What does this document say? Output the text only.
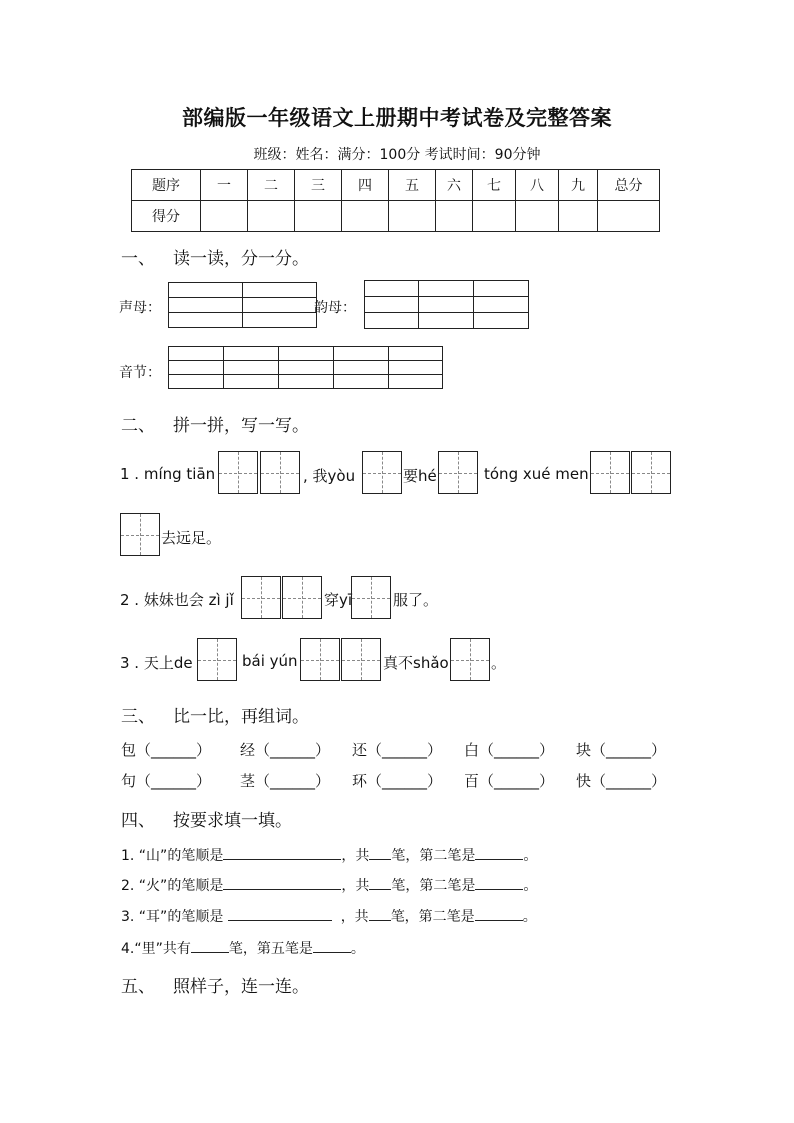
部编版一年级语文上册期中考试卷及完整答案
班级：姓名：满分：100分 考试时间：90分钟
题序	一	二	三	四	五	六	七	八	九	总分
得分										
一、 读一读，分一分。
声母：

		韵母：

音节：

二、 拼一拼，写一写。
1 . míng tiān	, 我yòu	要hé	tóng xué men
去远足。
2 . 妹妹也会 zì jǐ	穿yī	服了。
3 . 天上de	bái yún	真不shǎo	。
三、 比一比，再组词。
包（______） 经（______） 还（______） 白（______） 块（______）
句（______） 茎（______） 环（______） 百（______） 快（______）
四、 按要求填一填。
1. “山”的笔顺是	，共 笔，第二笔是	。
2. “火”的笔顺是	，共 笔，第二笔是	。
3. “耳”的笔顺是	，共 笔，第二笔是	。
4.“里”共有	笔，第五笔是	。
五、 照样子，连一连。
